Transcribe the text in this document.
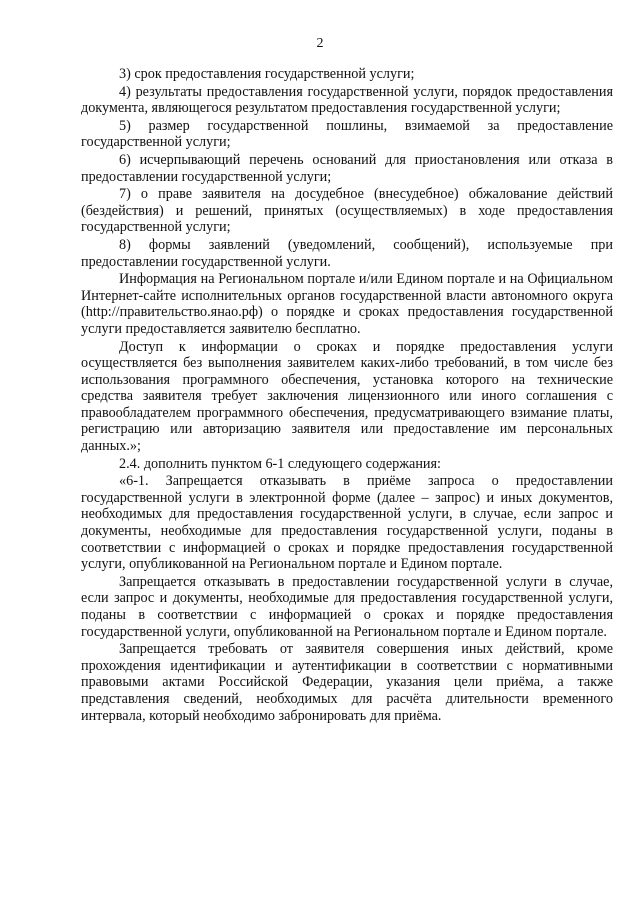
2

3) срок предоставления государственной услуги;

4) результаты предоставления государственной услуги, порядок предоставления документа, являющегося результатом предоставления государственной услуги;

5) размер государственной пошлины, взимаемой за предоставление государственной услуги;

6) исчерпывающий перечень оснований для приостановления или отказа в предоставлении государственной услуги;

7) о праве заявителя на досудебное (внесудебное) обжалование действий (бездействия) и решений, принятых (осуществляемых) в ходе предоставления государственной услуги;

8) формы заявлений (уведомлений, сообщений), используемые при предоставлении государственной услуги.

Информация на Региональном портале и/или Едином портале и на Официальном Интернет-сайте исполнительных органов государственной власти автономного округа (http://правительство.янао.рф) о порядке и сроках предоставления государственной услуги предоставляется заявителю бесплатно.

Доступ к информации о сроках и порядке предоставления услуги осуществляется без выполнения заявителем каких-либо требований, в том числе без использования программного обеспечения, установка которого на технические средства заявителя требует заключения лицензионного или иного соглашения с правообладателем программного обеспечения, предусматривающего взимание платы, регистрацию или авторизацию заявителя или предоставление им персональных данных.»;

2.4. дополнить пунктом 6-1 следующего содержания:

«6-1. Запрещается отказывать в приёме запроса о предоставлении государственной услуги в электронной форме (далее – запрос) и иных документов, необходимых для предоставления государственной услуги, в случае, если запрос и документы, необходимые для предоставления государственной услуги, поданы в соответствии с информацией о сроках и порядке предоставления государственной услуги, опубликованной на Региональном портале и Едином портале.

Запрещается отказывать в предоставлении государственной услуги в случае, если запрос и документы, необходимые для предоставления государственной услуги, поданы в соответствии с информацией о сроках и порядке предоставления государственной услуги, опубликованной на Региональном портале и Едином портале.

Запрещается требовать от заявителя совершения иных действий, кроме прохождения идентификации и аутентификации в соответствии с нормативными правовыми актами Российской Федерации, указания цели приёма, а также представления сведений, необходимых для расчёта длительности временного интервала, который необходимо забронировать для приёма.
